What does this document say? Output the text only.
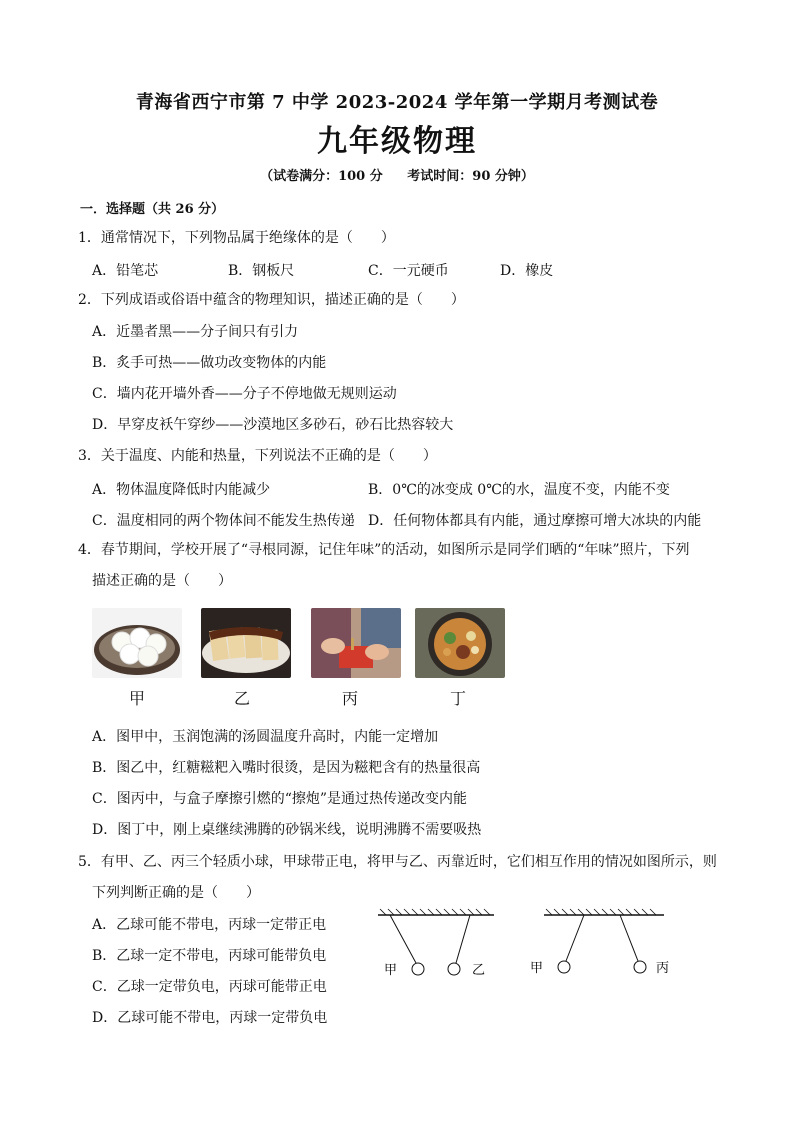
青海省西宁市第 7 中学 2023-2024 学年第一学期月考测试卷
九年级物理
（试卷满分：100 分 考试时间：90 分钟）
一．选择题（共 26 分）
1．通常情况下，下列物品属于绝缘体的是（　　）
A．铅笔芯	B．钢板尺	C．一元硬币	D．橡皮
2．下列成语或俗语中蕴含的物理知识，描述正确的是（　　）
A．近墨者黑——分子间只有引力
B．炙手可热——做功改变物体的内能
C．墙内花开墙外香——分子不停地做无规则运动
D．早穿皮袄午穿纱——沙漠地区多砂石，砂石比热容较大
3．关于温度、内能和热量，下列说法不正确的是（　　）
A．物体温度降低时内能减少	B．0℃的冰变成 0℃的水，温度不变，内能不变
C．温度相同的两个物体间不能发生热传递 D．任何物体都具有内能，通过摩擦可增大冰块的内能
4．春节期间，学校开展了“寻根同源，记住年味”的活动，如图所示是同学们晒的“年味”照片，下列
描述正确的是（　　）
甲	乙	丙	丁
A．图甲中，玉润饱满的汤圆温度升高时，内能一定增加
B．图乙中，红糖糍粑入嘴时很烫，是因为糍粑含有的热量很高
C．图丙中，与盒子摩擦引燃的“擦炮”是通过热传递改变内能
D．图丁中，刚上桌继续沸腾的砂锅米线，说明沸腾不需要吸热
5．有甲、乙、丙三个轻质小球，甲球带正电，将甲与乙、丙靠近时，它们相互作用的情况如图所示，则
下列判断正确的是（　　）
A．乙球可能不带电，丙球一定带正电
B．乙球一定不带电，丙球可能带负电
C．乙球一定带负电，丙球可能带正电
D．乙球可能不带电，丙球一定带负电
甲	乙	甲	丙
